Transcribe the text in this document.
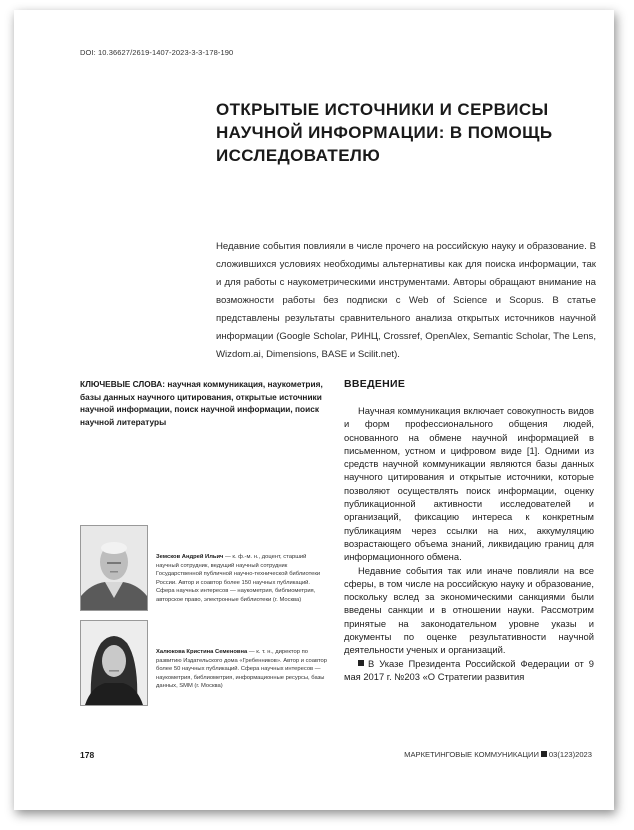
DOI: 10.36627/2619-1407-2023-3-3-178-190
ОТКРЫТЫЕ ИСТОЧНИКИ И СЕРВИСЫ НАУЧНОЙ ИНФОРМАЦИИ: В ПОМОЩЬ ИССЛЕДОВАТЕЛЮ

Недавние события повлияли в числе прочего на российскую науку и образование. В сложившихся условиях необходимы альтернативы как для поиска информации, так и для работы с наукометрическими инструментами. Авторы обращают внимание на возможности работы без подписки с Web of Science и Scopus. В статье представлены результаты сравнительного анализа открытых источников научной информации (Google Scholar, РИНЦ, Crossref, OpenAlex, Semantic Scholar, The Lens, Wizdom.ai, Dimensions, BASE и Scilit.net).

КЛЮЧЕВЫЕ СЛОВА: научная коммуникация, наукометрия, базы данных научного цитирования, открытые источники научной информации, поиск научной информации, поиск научной литературы

Земсков Андрей Ильич — к. ф.-м. н., доцент, старший научный сотрудник, ведущий научный сотрудник Государственной публичной научно-технической библиотеки России. Автор и соавтор более 150 научных публикаций. Сфера научных интересов — наукометрия, библиометрия, авторское право, электронные библиотеки (г. Москва)

Халюкова Кристина Семеновна — к. т. н., директор по развитию Издательского дома «Гребенников». Автор и соавтор более 50 научных публикаций. Сфера научных интересов — наукометрия, библиометрия, информационные ресурсы, базы данных, SMM (г. Москва)

ВВЕДЕНИЕ

Научная коммуникация включает совокупность видов и форм профессионального общения людей, основанного на обмене научной информацией в письменном, устном и цифровом виде [1]. Одними из средств научной коммуникации являются базы данных научного цитирования и открытые источники, которые позволяют осуществлять поиск информации, оценку публикационной активности исследователей и организаций, фиксацию интереса к конкретным публикациям через ссылки на них, аккумуляцию возрастающего объема знаний, ликвидацию границ для информационного обмена.

Недавние события так или иначе повлияли на все сферы, в том числе на российскую науку и образование, поскольку вслед за экономическими санкциями были введены санкции и в отношении науки. Рассмотрим принятые на законодательном уровне указы и документы по оценке результативности научной деятельности ученых и организаций.

В Указе Президента Российской Федерации от 9 мая 2017 г. №203 «О Стратегии развития

178	МАРКЕТИНГОВЫЕ КОММУНИКАЦИИ 03(123)2023
